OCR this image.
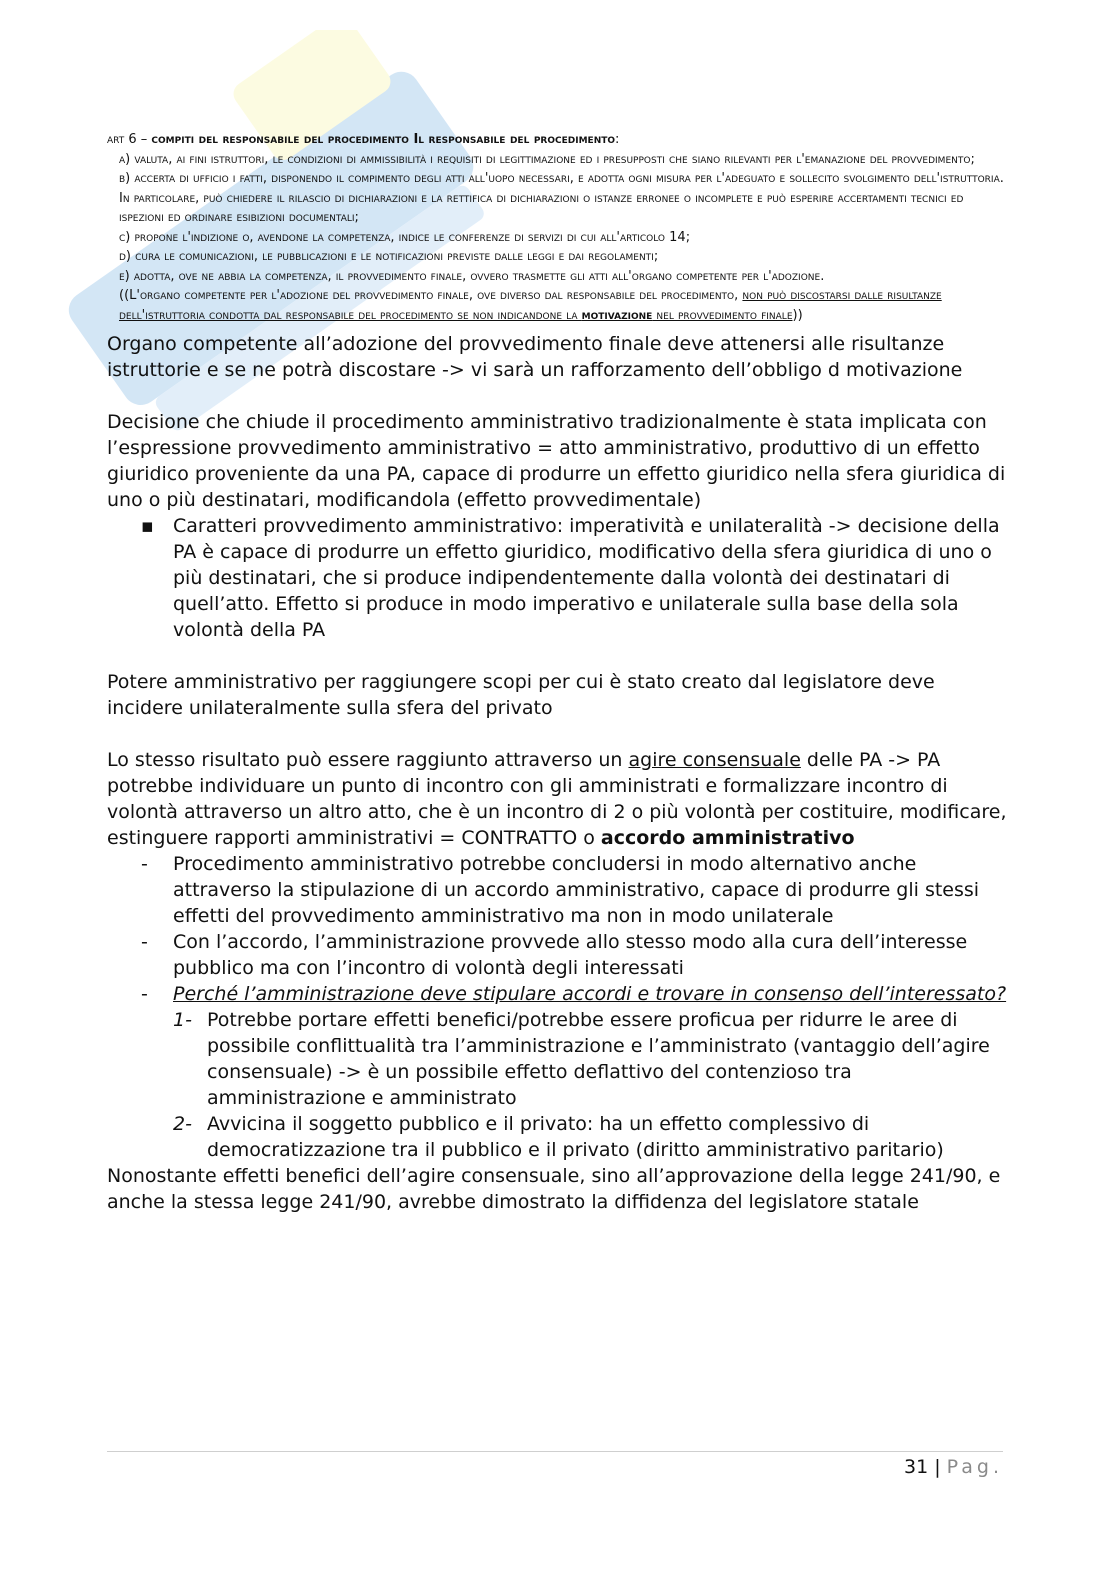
art 6 – compiti del responsabile del procedimento Il responsabile del procedimento:

a) valuta, ai fini istruttori, le condizioni di ammissibilità i requisiti di legittimazione ed i presupposti che siano rilevanti per l'emanazione del provvedimento;

b) accerta di ufficio i fatti, disponendo il compimento degli atti all'uopo necessari, e adotta ogni misura per l'adeguato e sollecito svolgimento dell'istruttoria. In particolare, può chiedere il rilascio di dichiarazioni e la rettifica di dichiarazioni o istanze erronee o incomplete e può esperire accertamenti tecnici ed ispezioni ed ordinare esibizioni documentali;

c) propone l'indizione o, avendone la competenza, indice le conferenze di servizi di cui all'articolo 14;

d) cura le comunicazioni, le pubblicazioni e le notificazioni previste dalle leggi e dai regolamenti;

e) adotta, ove ne abbia la competenza, il provvedimento finale, ovvero trasmette gli atti all'organo competente per l'adozione.

((L'organo competente per l'adozione del provvedimento finale, ove diverso dal responsabile del procedimento, non può discostarsi dalle risultanze dell'istruttoria condotta dal responsabile del procedimento se non indicandone la motivazione nel provvedimento finale))

Organo competente all’adozione del provvedimento finale deve attenersi alle risultanze istruttorie e se ne potrà discostare -> vi sarà un rafforzamento dell’obbligo d motivazione

Decisione che chiude il procedimento amministrativo tradizionalmente è stata implicata con l’espressione provvedimento amministrativo = atto amministrativo, produttivo di un effetto giuridico proveniente da una PA, capace di produrre un effetto giuridico nella sfera giuridica di uno o più destinatari, modificandola (effetto provvedimentale)

▪ Caratteri provvedimento amministrativo: imperatività e unilateralità -> decisione della PA è capace di produrre un effetto giuridico, modificativo della sfera giuridica di uno o più destinatari, che si produce indipendentemente dalla volontà dei destinatari di quell’atto. Effetto si produce in modo imperativo e unilaterale sulla base della sola volontà della PA

Potere amministrativo per raggiungere scopi per cui è stato creato dal legislatore deve incidere unilateralmente sulla sfera del privato

Lo stesso risultato può essere raggiunto attraverso un agire consensuale delle PA -> PA potrebbe individuare un punto di incontro con gli amministrati e formalizzare incontro di volontà attraverso un altro atto, che è un incontro di 2 o più volontà per costituire, modificare, estinguere rapporti amministrativi = CONTRATTO o accordo amministrativo

- Procedimento amministrativo potrebbe concludersi in modo alternativo anche attraverso la stipulazione di un accordo amministrativo, capace di produrre gli stessi effetti del provvedimento amministrativo ma non in modo unilaterale
- Con l’accordo, l’amministrazione provvede allo stesso modo alla cura dell’interesse pubblico ma con l’incontro di volontà degli interessati
- Perché l’amministrazione deve stipulare accordi e trovare in consenso dell’interessato?
1- Potrebbe portare effetti benefici/potrebbe essere proficua per ridurre le aree di possibile conflittualità tra l’amministrazione e l’amministrato (vantaggio dell’agire consensuale) -> è un possibile effetto deflattivo del contenzioso tra amministrazione e amministrato
2- Avvicina il soggetto pubblico e il privato: ha un effetto complessivo di democratizzazione tra il pubblico e il privato (diritto amministrativo paritario)

Nonostante effetti benefici dell’agire consensuale, sino all’approvazione della legge 241/90, e anche la stessa legge 241/90, avrebbe dimostrato la diffidenza del legislatore statale

31 | Pag.
